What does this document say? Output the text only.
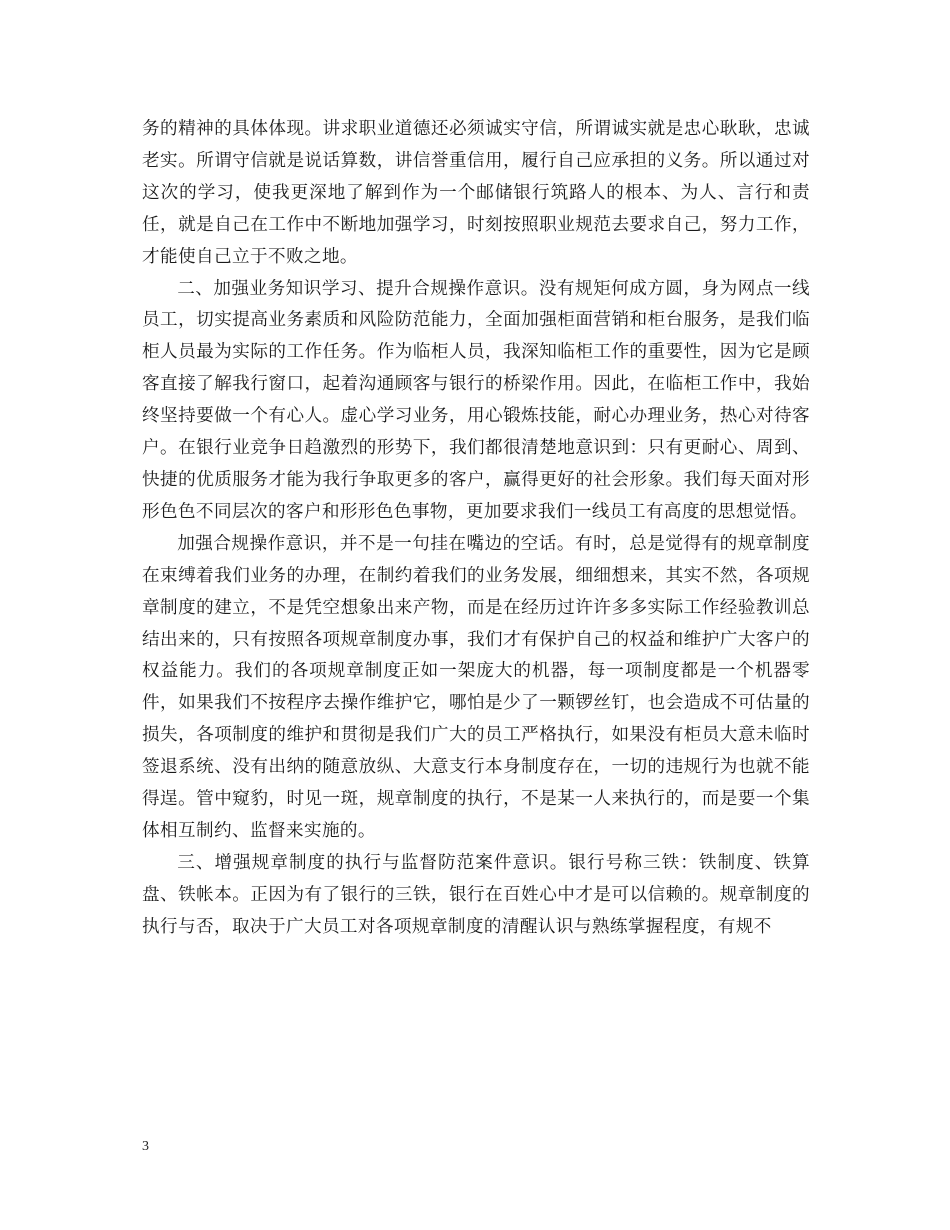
务的精神的具体体现。讲求职业道德还必须诚实守信，所谓诚实就是忠心耿耿，忠诚老实。所谓守信就是说话算数，讲信誉重信用，履行自己应承担的义务。所以通过对这次的学习，使我更深地了解到作为一个邮储银行筑路人的根本、为人、言行和责任，就是自己在工作中不断地加强学习，时刻按照职业规范去要求自己，努力工作，才能使自己立于不败之地。

二、加强业务知识学习、提升合规操作意识。没有规矩何成方圆，身为网点一线员工，切实提高业务素质和风险防范能力，全面加强柜面营销和柜台服务，是我们临柜人员最为实际的工作任务。作为临柜人员，我深知临柜工作的重要性，因为它是顾客直接了解我行窗口，起着沟通顾客与银行的桥梁作用。因此，在临柜工作中，我始终坚持要做一个有心人。虚心学习业务，用心锻炼技能，耐心办理业务，热心对待客户。在银行业竞争日趋激烈的形势下，我们都很清楚地意识到：只有更耐心、周到、快捷的优质服务才能为我行争取更多的客户，赢得更好的社会形象。我们每天面对形形色色不同层次的客户和形形色色事物，更加要求我们一线员工有高度的思想觉悟。

加强合规操作意识，并不是一句挂在嘴边的空话。有时，总是觉得有的规章制度在束缚着我们业务的办理，在制约着我们的业务发展，细细想来，其实不然，各项规章制度的建立，不是凭空想象出来产物，而是在经历过许许多多实际工作经验教训总结出来的，只有按照各项规章制度办事，我们才有保护自己的权益和维护广大客户的权益能力。我们的各项规章制度正如一架庞大的机器，每一项制度都是一个机器零件，如果我们不按程序去操作维护它，哪怕是少了一颗锣丝钉，也会造成不可估量的损失，各项制度的维护和贯彻是我们广大的员工严格执行，如果没有柜员大意未临时签退系统、没有出纳的随意放纵、大意支行本身制度存在，一切的违规行为也就不能得逞。管中窥豹，时见一斑，规章制度的执行，不是某一人来执行的，而是要一个集体相互制约、监督来实施的。

三、增强规章制度的执行与监督防范案件意识。银行号称三铁：铁制度、铁算盘、铁帐本。正因为有了银行的三铁，银行在百姓心中才是可以信赖的。规章制度的执行与否，取决于广大员工对各项规章制度的清醒认识与熟练掌握程度，有规不

3
